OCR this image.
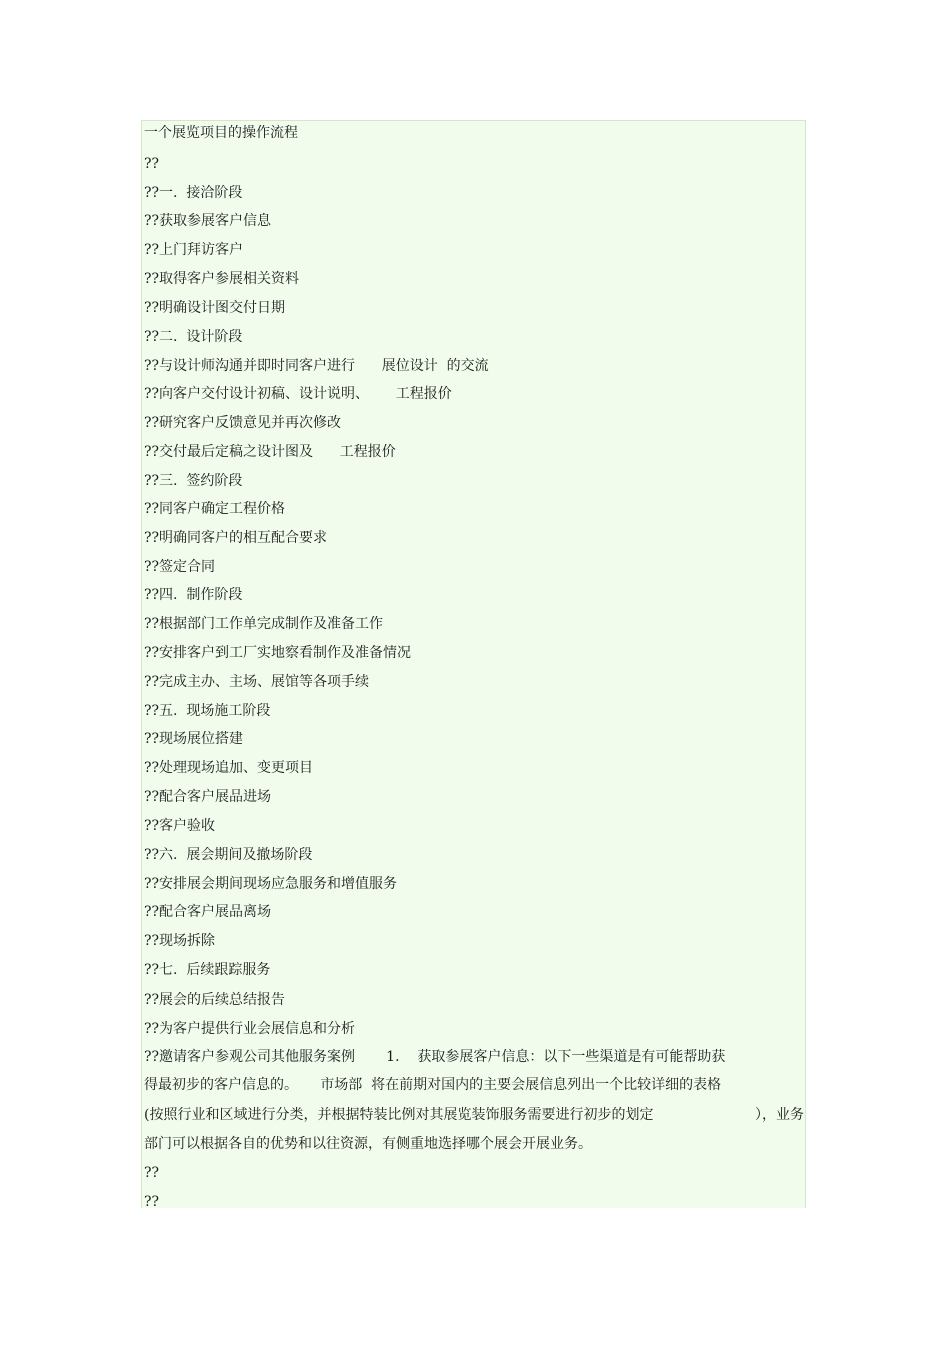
一个展览项目的操作流程
??
??一.  接洽阶段
??获取参展客户信息
??上门拜访客户
??取得客户参展相关资料
??明确设计图交付日期
??二.  设计阶段
??与设计师沟通并即时同客户进行      展位设计  的交流
??向客户交付设计初稿、设计说明、      工程报价
??研究客户反馈意见并再次修改
??交付最后定稿之设计图及      工程报价
??三.  签约阶段
??同客户确定工程价格
??明确同客户的相互配合要求
??签定合同
??四.  制作阶段
??根据部门工作单完成制作及准备工作
??安排客户到工厂实地察看制作及准备情况
??完成主办、主场、展馆等各项手续
??五.  现场施工阶段
??现场展位搭建
??处理现场追加、变更项目
??配合客户展品进场
??客户验收
??六.  展会期间及撤场阶段
??安排展会期间现场应急服务和增值服务
??配合客户展品离场
??现场拆除
??七.  后续跟踪服务
??展会的后续总结报告
??为客户提供行业会展信息和分析
??邀请客户参观公司其他服务案例       1.    获取参展客户信息：以下一些渠道是有可能帮助获
得最初步的客户信息的。     市场部  将在前期对国内的主要会展信息列出一个比较详细的表格
(按照行业和区域进行分类，并根据特装比例对其展览装饰服务需要进行初步的划定	），业务
部门可以根据各自的优势和以往资源，有侧重地选择哪个展会开展业务。
??
??
